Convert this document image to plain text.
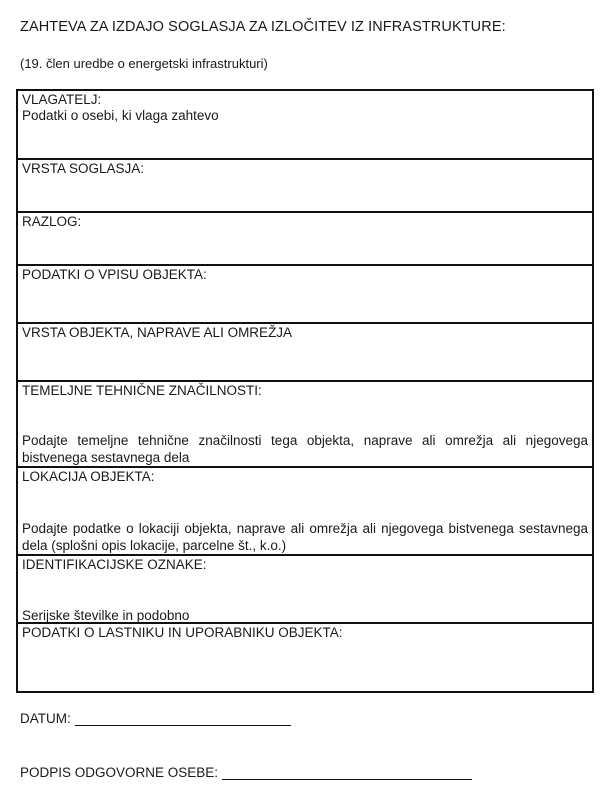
ZAHTEVA ZA IZDAJO SOGLASJA ZA IZLOČITEV IZ INFRASTRUKTURE:
(19. člen uredbe o energetski infrastrukturi)
VLAGATELJ:
Podatki o osebi, ki vlaga zahtevo
VRSTA SOGLASJA:
RAZLOG:
PODATKI O VPISU OBJEKTA:
VRSTA OBJEKTA, NAPRAVE ALI OMREŽJA
TEMELJNE TEHNIČNE ZNAČILNOSTI:
Podajte temeljne tehnične značilnosti tega objekta, naprave ali omrežja ali njegovega bistvenega sestavnega dela
LOKACIJA OBJEKTA:
Podajte podatke o lokaciji objekta, naprave ali omrežja ali njegovega bistvenega sestavnega dela (splošni opis lokacije, parcelne št., k.o.)
IDENTIFIKACIJSKE OZNAKE:
Serijske številke in podobno
PODATKI O LASTNIKU IN UPORABNIKU OBJEKTA:
DATUM:
PODPIS ODGOVORNE OSEBE:
